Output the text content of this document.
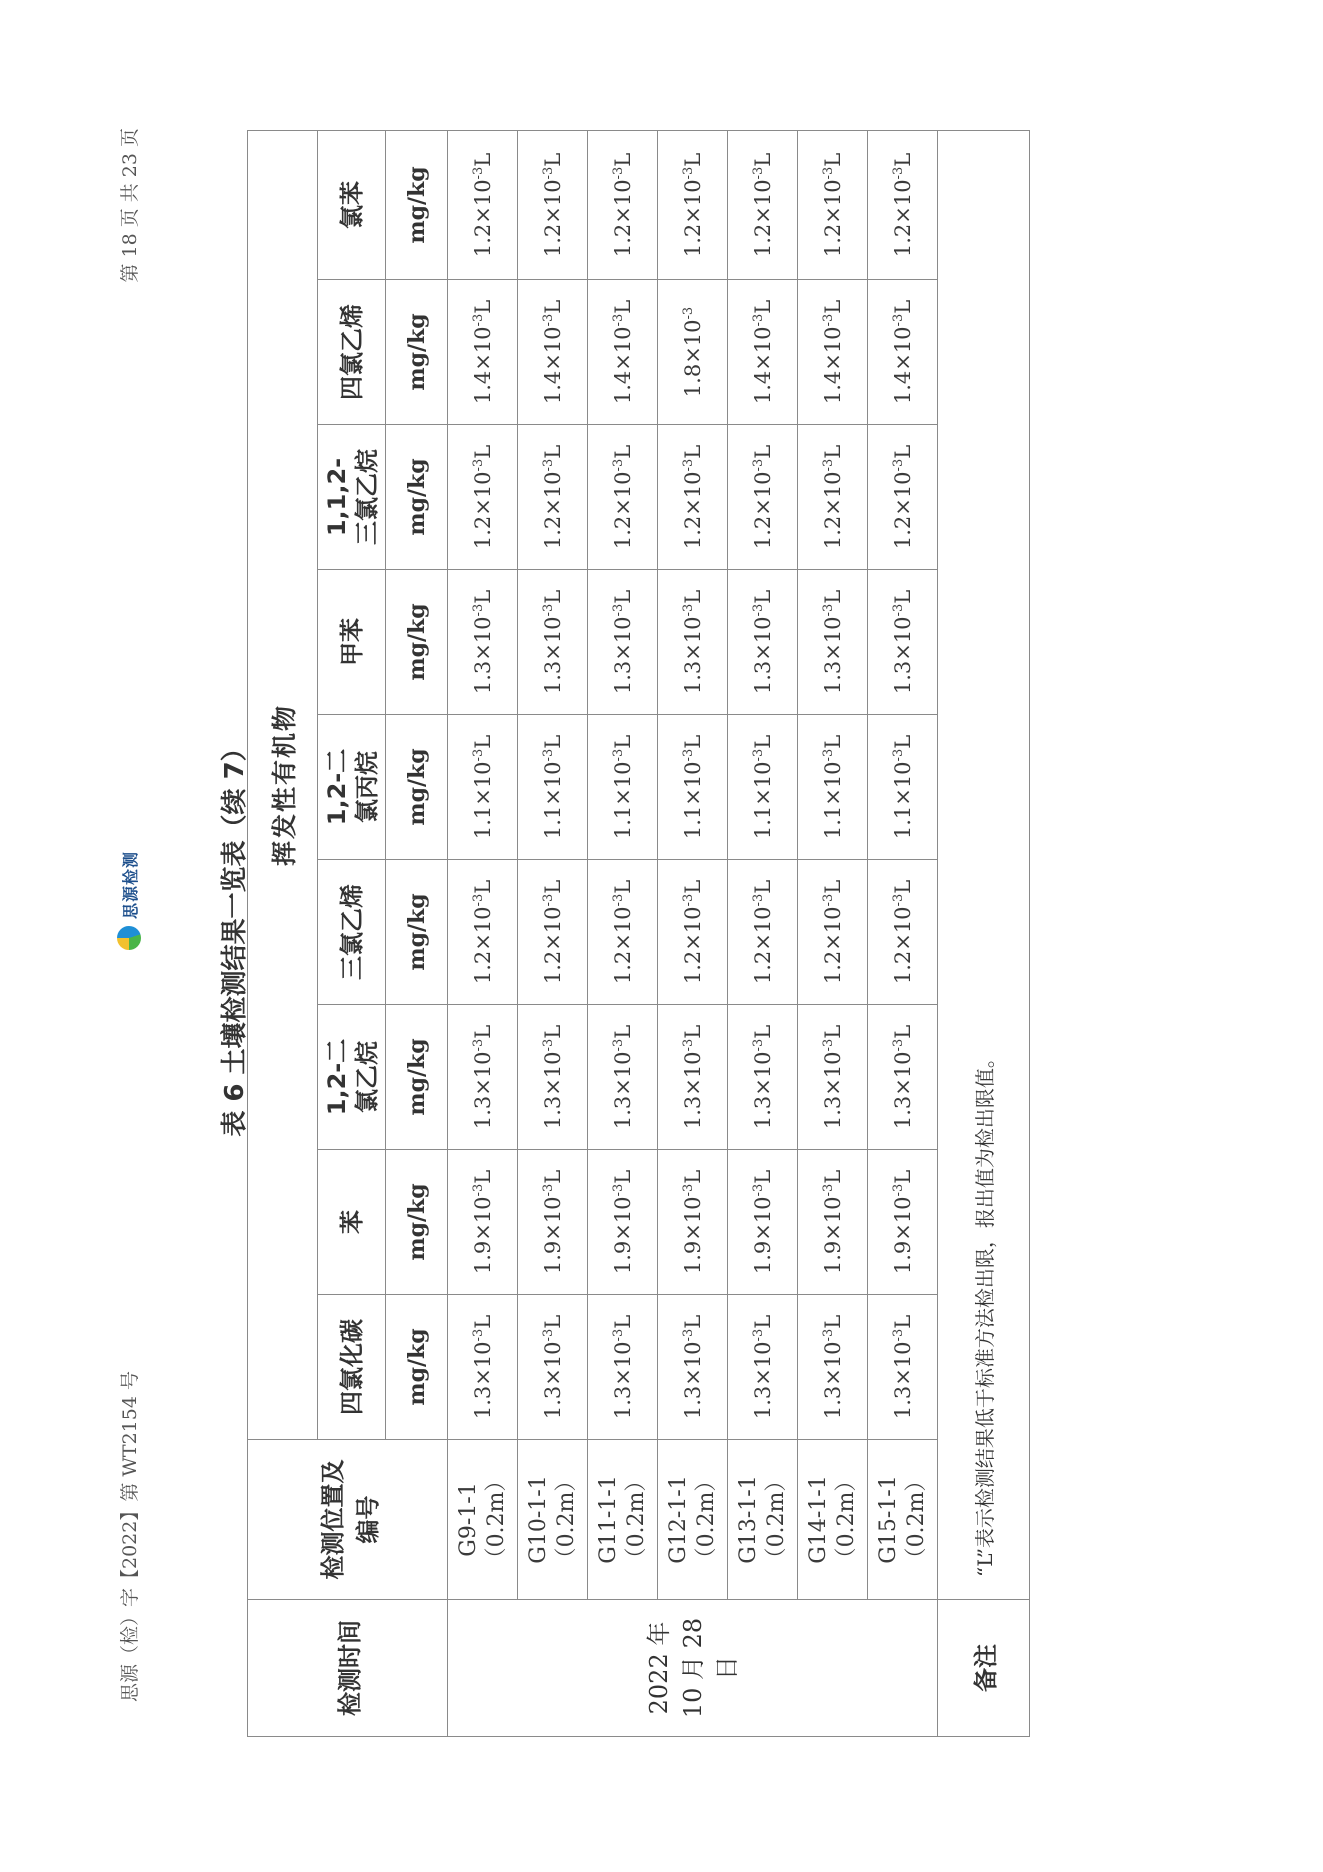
思源（检）字【2022】第 WT2154 号
思源检测
第 18 页 共 23 页
表 6 土壤检测结果一览表（续 7）
检测时间	检测位置及编号	挥发性有机物								
		四氯化碳	苯	1,2-二氯乙烷	三氯乙烯	1,2-二氯丙烷	甲苯	1,1,2-三氯乙烷	四氯乙烯	氯苯
		mg/kg	mg/kg	mg/kg	mg/kg	mg/kg	mg/kg	mg/kg	mg/kg	mg/kg
2022 年 10 月 28 日	G9-1-1（0.2m）	$1.3\times 10^{-3}L$	$1.9\times 10^{-3}L$	$1.3\times 10^{-3}L$	$1.2\times 10^{-3}L$	$1.1\times 10^{-3}L$	$1.3\times 10^{-3}L$	$1.2\times 10^{-3}L$	$1.4\times 10^{-3}L$	$1.2\times 10^{-3}L$
	G10-1-1（0.2m）	$1.3\times 10^{-3}L$	$1.9\times 10^{-3}L$	$1.3\times 10^{-3}L$	$1.2\times 10^{-3}L$	$1.1\times 10^{-3}L$	$1.3\times 10^{-3}L$	$1.2\times 10^{-3}L$	$1.4\times 10^{-3}L$	$1.2\times 10^{-3}L$
	G11-1-1（0.2m）	$1.3\times 10^{-3}L$	$1.9\times 10^{-3}L$	$1.3\times 10^{-3}L$	$1.2\times 10^{-3}L$	$1.1\times 10^{-3}L$	$1.3\times 10^{-3}L$	$1.2\times 10^{-3}L$	$1.4\times 10^{-3}L$	$1.2\times 10^{-3}L$
	G12-1-1（0.2m）	$1.3\times 10^{-3}L$	$1.9\times 10^{-3}L$	$1.3\times 10^{-3}L$	$1.2\times 10^{-3}L$	$1.1\times 10^{-3}L$	$1.3\times 10^{-3}L$	$1.2\times 10^{-3}L$	$1.8\times 10^{-3}$	$1.2\times 10^{-3}L$
	G13-1-1（0.2m）	$1.3\times 10^{-3}L$	$1.9\times 10^{-3}L$	$1.3\times 10^{-3}L$	$1.2\times 10^{-3}L$	$1.1\times 10^{-3}L$	$1.3\times 10^{-3}L$	$1.2\times 10^{-3}L$	$1.4\times 10^{-3}L$	$1.2\times 10^{-3}L$
	G14-1-1（0.2m）	$1.3\times 10^{-3}L$	$1.9\times 10^{-3}L$	$1.3\times 10^{-3}L$	$1.2\times 10^{-3}L$	$1.1\times 10^{-3}L$	$1.3\times 10^{-3}L$	$1.2\times 10^{-3}L$	$1.4\times 10^{-3}L$	$1.2\times 10^{-3}L$
	G15-1-1（0.2m）	$1.3\times 10^{-3}L$	$1.9\times 10^{-3}L$	$1.3\times 10^{-3}L$	$1.2\times 10^{-3}L$	$1.1\times 10^{-3}L$	$1.3\times 10^{-3}L$	$1.2\times 10^{-3}L$	$1.4\times 10^{-3}L$	$1.2\times 10^{-3}L$
备注	“L”表示检测结果低于标准方法检出限，报出值为检出限值。									
